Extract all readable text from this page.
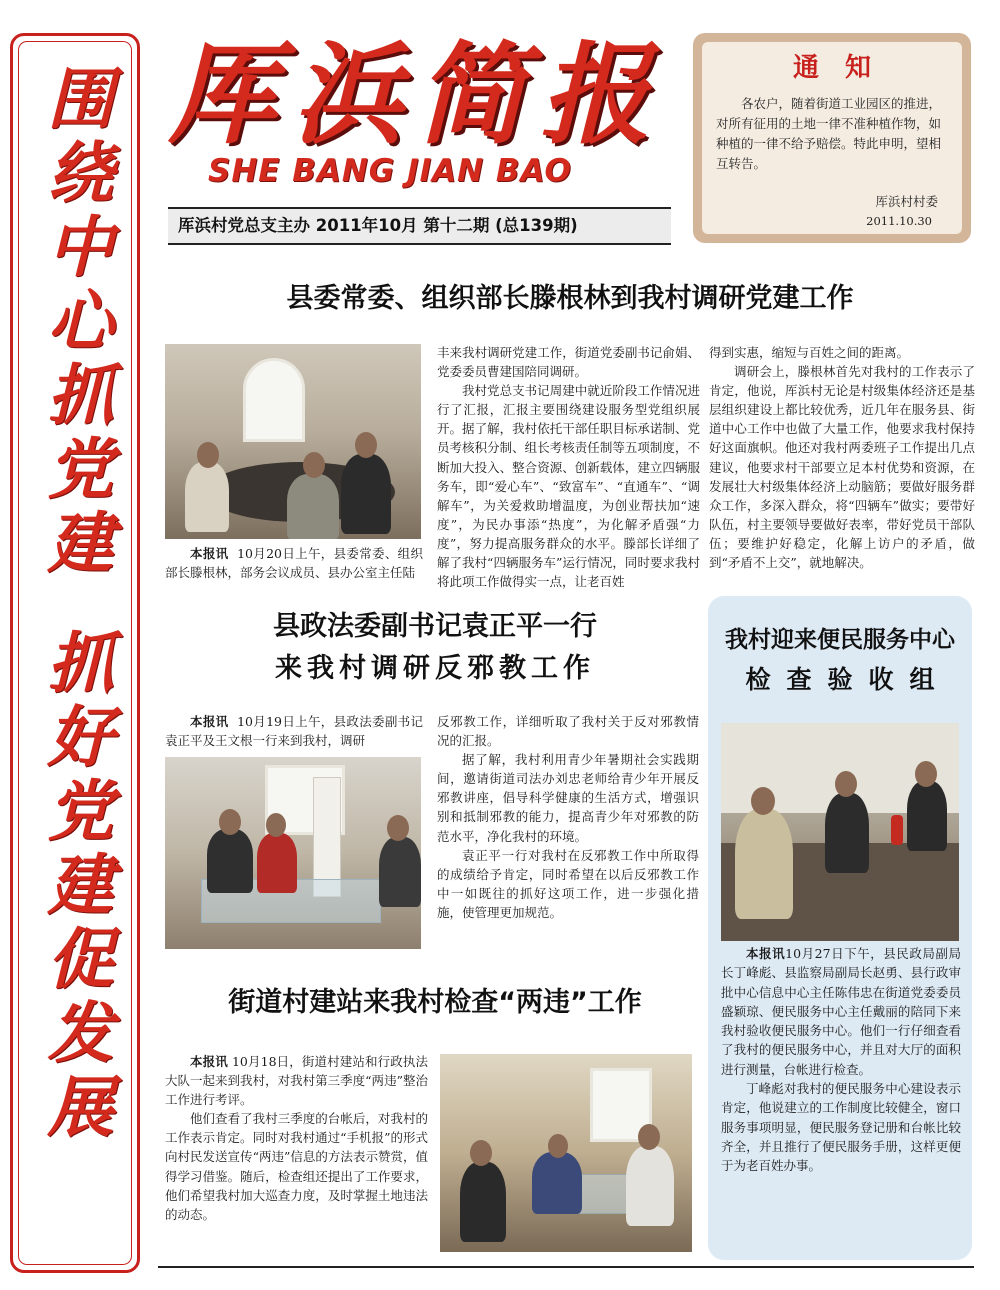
围绕中心抓党建
抓好党建促发展
厍浜简报
SHE BANG JIAN BAO
厍浜村党总支主办 2011年10月 第十二期 (总139期)
通知
各农户，随着街道工业园区的推进，对所有征用的土地一律不准种植作物，如种植的一律不给予赔偿。特此申明，望相互转告。
厍浜村村委
2011.10.30
县委常委、组织部长滕根林到我村调研党建工作

本报讯 10月20日上午，县委常委、组织部长滕根林，部务会议成员、县办公室主任陆

丰来我村调研党建工作，街道党委副书记俞娟、党委委员曹建国陪同调研。

我村党总支书记周建中就近阶段工作情况进行了汇报，汇报主要围绕建设服务型党组织展开。据了解，我村依托干部任职目标承诺制、党员考核积分制、组长考核责任制等五项制度，不断加大投入、整合资源、创新载体，建立四辆服务车，即“爱心车”、“致富车”、“直通车”、“调解车”，为关爱救助增温度，为创业帮扶加“速度”，为民办事添“热度”，为化解矛盾强“力度”，努力提高服务群众的水平。滕部长详细了解了我村“四辆服务车”运行情况，同时要求我村将此项工作做得实一点，让老百姓

得到实惠，缩短与百姓之间的距离。

调研会上，滕根林首先对我村的工作表示了肯定，他说，厍浜村无论是村级集体经济还是基层组织建设上都比较优秀，近几年在服务县、街道中心工作中也做了大量工作，他要求我村保持好这面旗帜。他还对我村两委班子工作提出几点建议，他要求村干部要立足本村优势和资源，在发展壮大村级集体经济上动脑筋；要做好服务群众工作，多深入群众，将“四辆车”做实；要带好队伍，村主要领导要做好表率，带好党员干部队伍；要维护好稳定，化解上访户的矛盾，做到“矛盾不上交”，就地解决。

县政法委副书记袁正平一行
来我村调研反邪教工作

本报讯 10月19日上午，县政法委副书记袁正平及王文根一行来到我村，调研

反邪教工作，详细听取了我村关于反对邪教情况的汇报。

据了解，我村利用青少年暑期社会实践期间，邀请街道司法办刘忠老师给青少年开展反邪教讲座，倡导科学健康的生活方式，增强识别和抵制邪教的能力，提高青少年对邪教的防范水平，净化我村的环境。

袁正平一行对我村在反邪教工作中所取得的成绩给予肯定，同时希望在以后反邪教工作中一如既往的抓好这项工作，进一步强化措施，使管理更加规范。

街道村建站来我村检查“两违”工作

本报讯 10月18日，街道村建站和行政执法大队一起来到我村，对我村第三季度“两违”整治工作进行考评。

他们查看了我村三季度的台帐后，对我村的工作表示肯定。同时对我村通过“手机报”的形式向村民发送宣传“两违”信息的方法表示赞赏，值得学习借鉴。随后，检查组还提出了工作要求，他们希望我村加大巡查力度，及时掌握土地违法的动态。

我村迎来便民服务中心
检查验收组

本报讯10月27日下午，县民政局副局长丁峰彪、县监察局副局长赵勇、县行政审批中心信息中心主任陈伟忠在街道党委委员盛颖琼、便民服务中心主任戴丽的陪同下来我村验收便民服务中心。他们一行仔细查看了我村的便民服务中心，并且对大厅的面积进行测量，台帐进行检查。

丁峰彪对我村的便民服务中心建设表示肯定，他说建立的工作制度比较健全，窗口服务事项明显，便民服务登记册和台帐比较齐全，并且推行了便民服务手册，这样更便于为老百姓办事。
